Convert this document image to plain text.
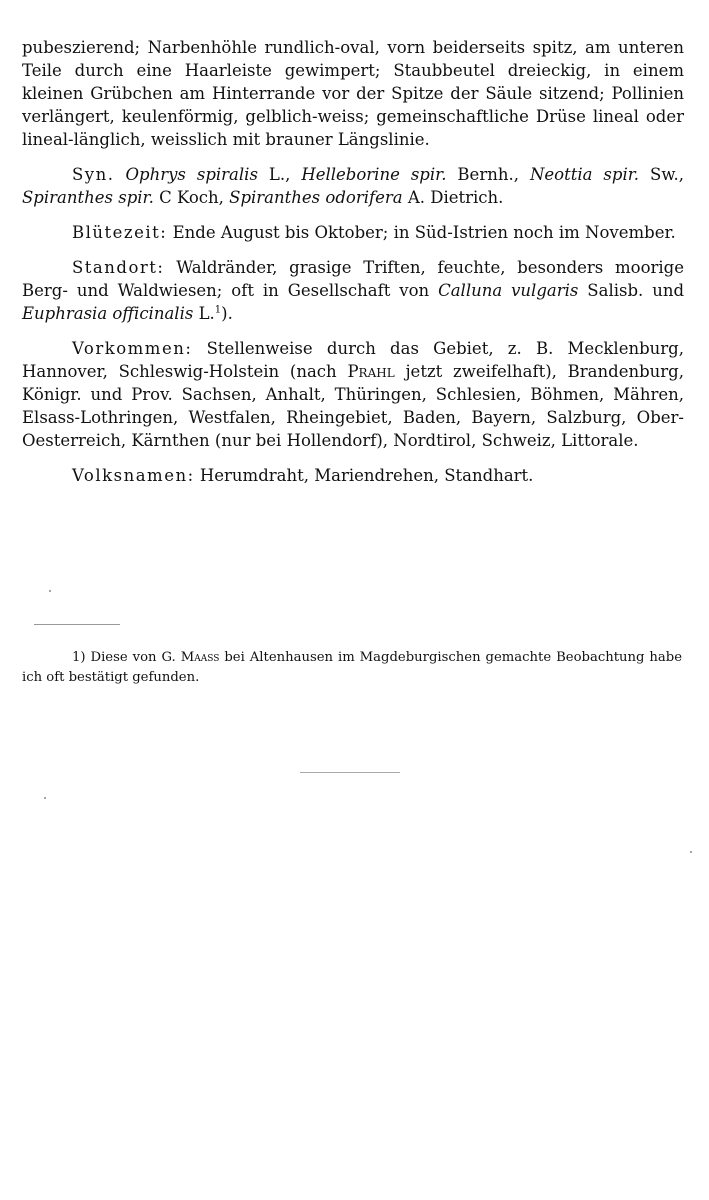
pubeszierend; Narbenhöhle rundlich-oval, vorn beiderseits spitz, am unteren Teile durch eine Haarleiste gewimpert; Staubbeutel dreieckig, in einem kleinen Grübchen am Hinterrande vor der Spitze der Säule sitzend; Pollinien verlängert, keulenförmig, gelblich-weiss; gemeinschaftliche Drüse lineal oder lineal-länglich, weisslich mit brauner Längslinie.

Syn. Ophrys spiralis L., Helleborine spir. Bernh., Neottia spir. Sw., Spiranthes spir. C Koch, Spiranthes odorifera A. Dietrich.

Blütezeit: Ende August bis Oktober; in Süd-Istrien noch im November.

Standort: Waldränder, grasige Triften, feuchte, besonders moorige Berg- und Waldwiesen; oft in Gesellschaft von Calluna vulgaris Salisb. und Euphrasia officinalis L.$^1$).

Vorkommen: Stellenweise durch das Gebiet, z. B. Mecklenburg, Hannover, Schleswig-Holstein (nach Prahl jetzt zweifelhaft), Brandenburg, Königr. und Prov. Sachsen, Anhalt, Thüringen, Schlesien, Böhmen, Mähren, Elsass-Lothringen, Westfalen, Rheingebiet, Baden, Bayern, Salzburg, Ober-Oesterreich, Kärnthen (nur bei Hollendorf), Nordtirol, Schweiz, Littorale.

Volksnamen: Herumdraht, Mariendrehen, Standhart.

1) Diese von G. Maass bei Altenhausen im Magdeburgischen gemachte Beobachtung habe ich oft bestätigt gefunden.
